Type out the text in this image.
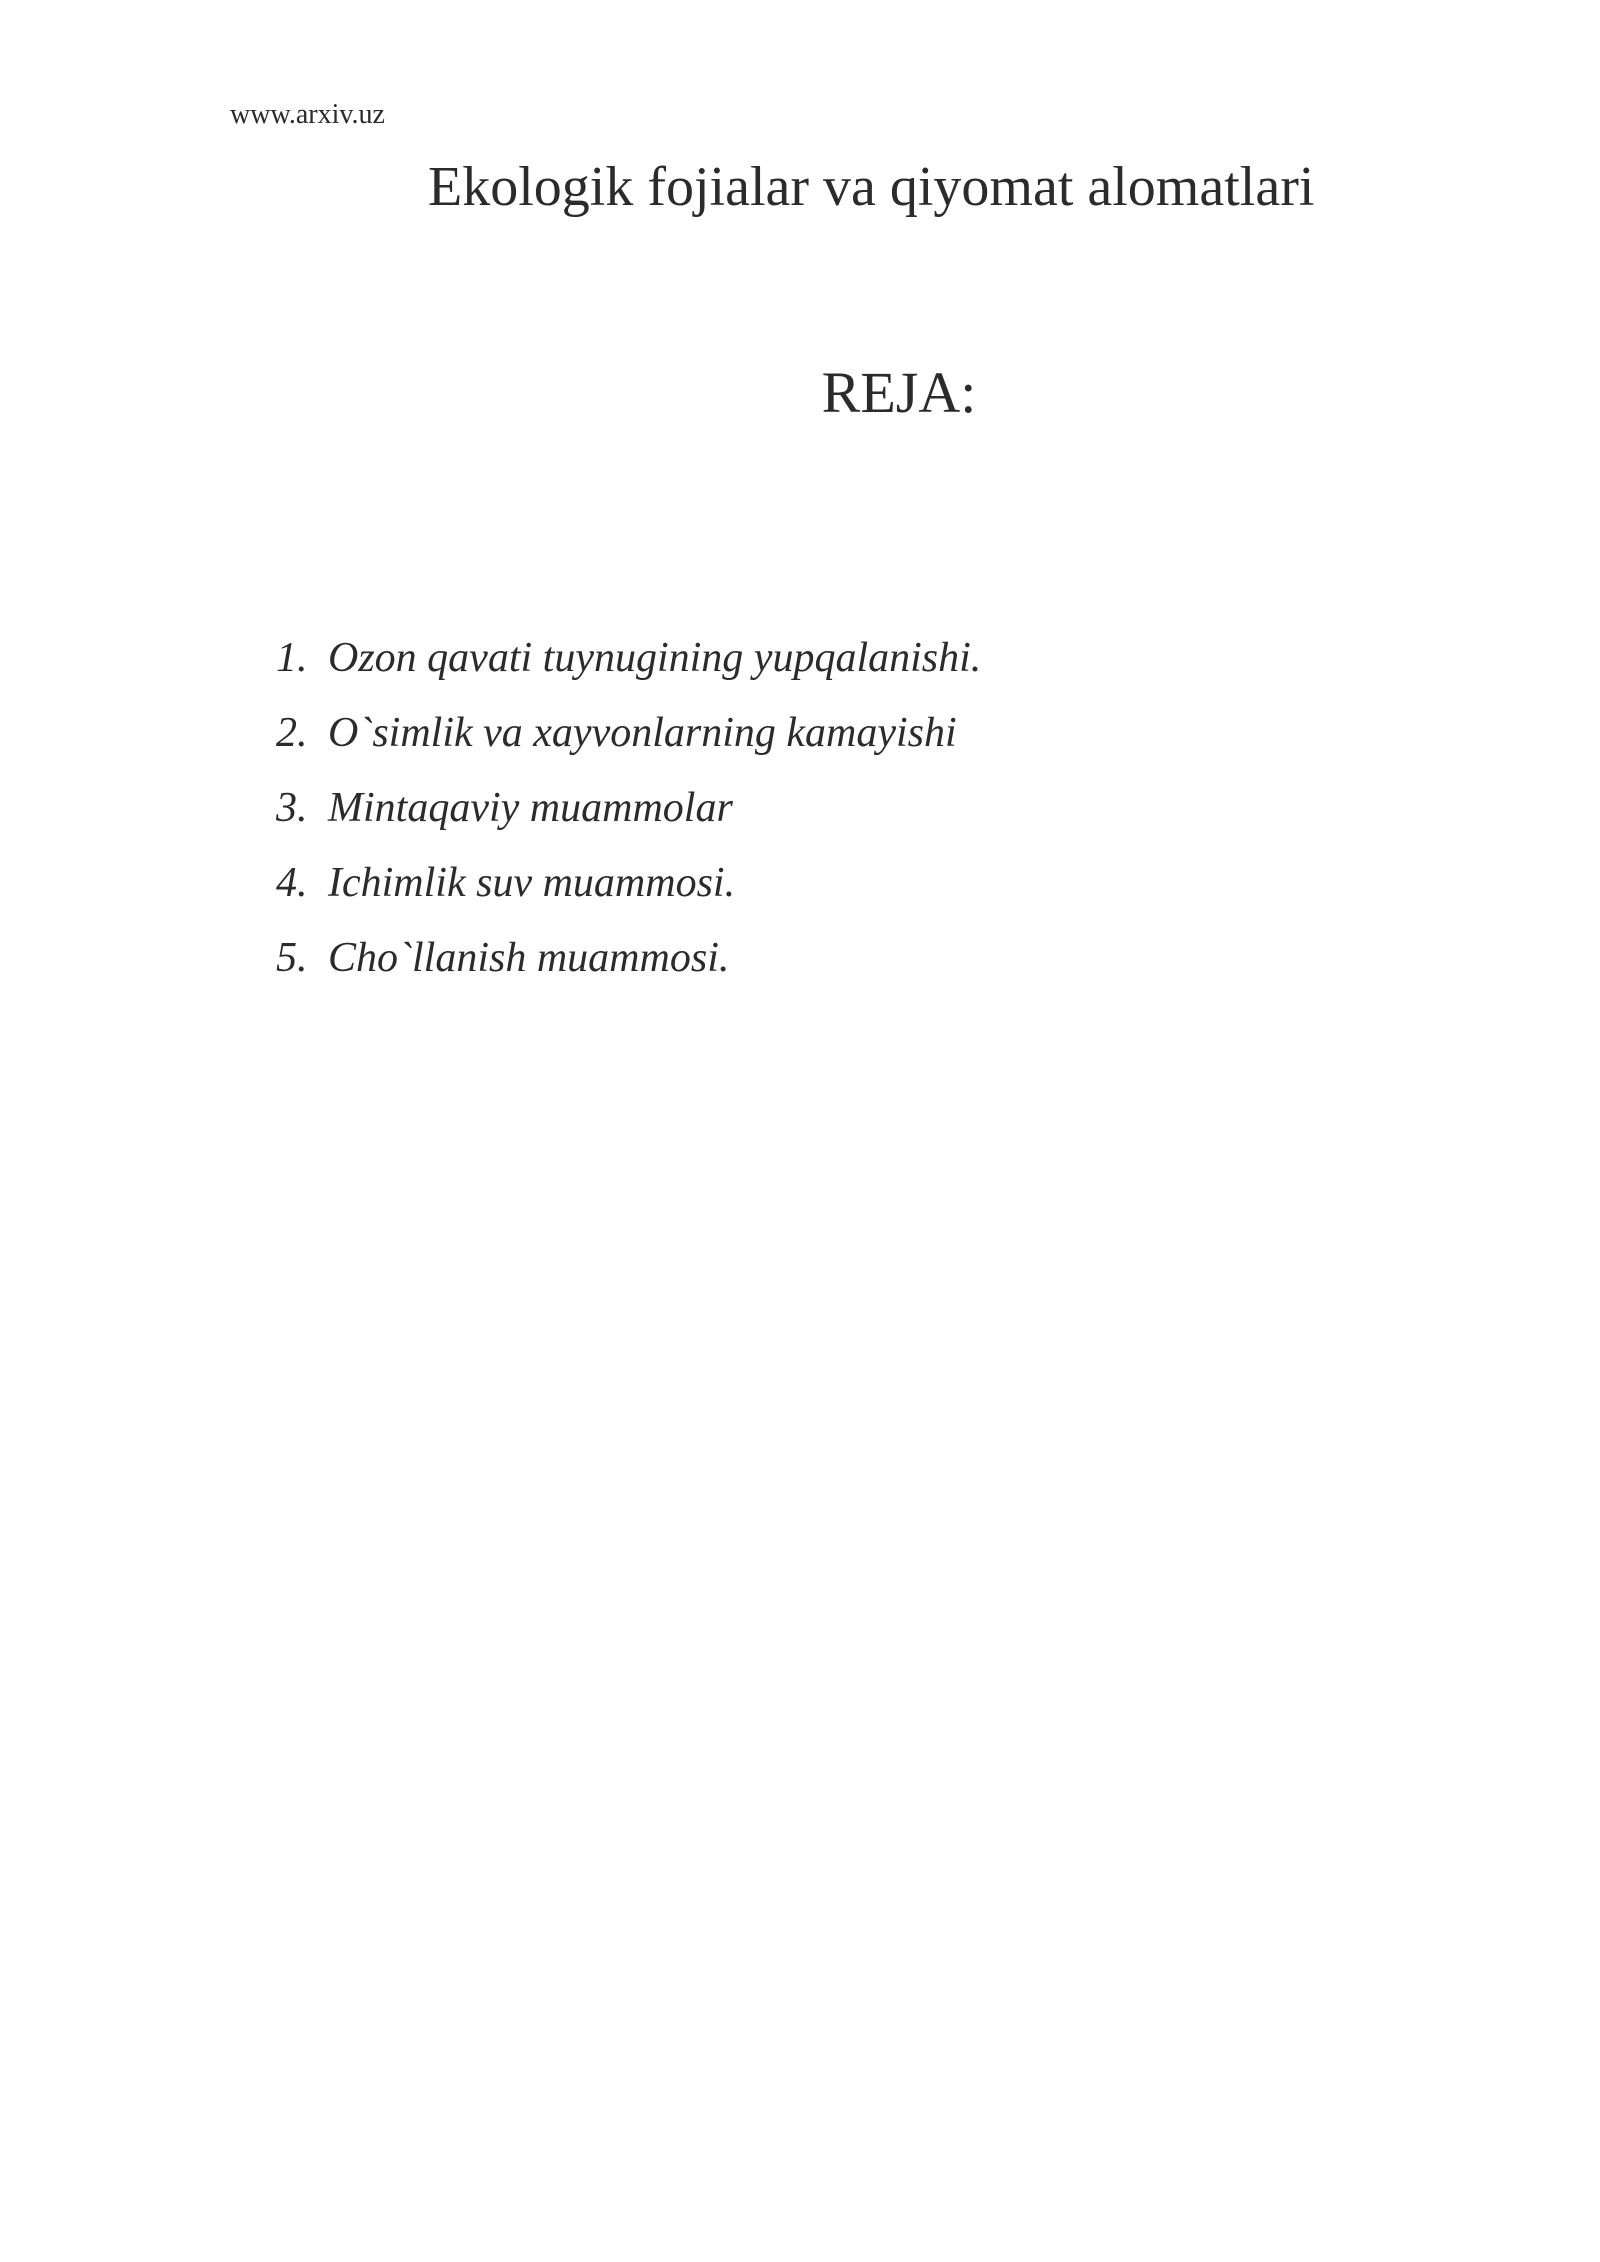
www.arxiv.uz
Ekologik fojialar va qiyomat alomatlari
REJA:
1. Ozon qavati tuynugining yupqalanishi.
2. O`simlik va xayvonlarning kamayishi
3. Mintaqaviy muammolar
4. Ichimlik suv muammosi.
5. Cho`llanish muammosi.
